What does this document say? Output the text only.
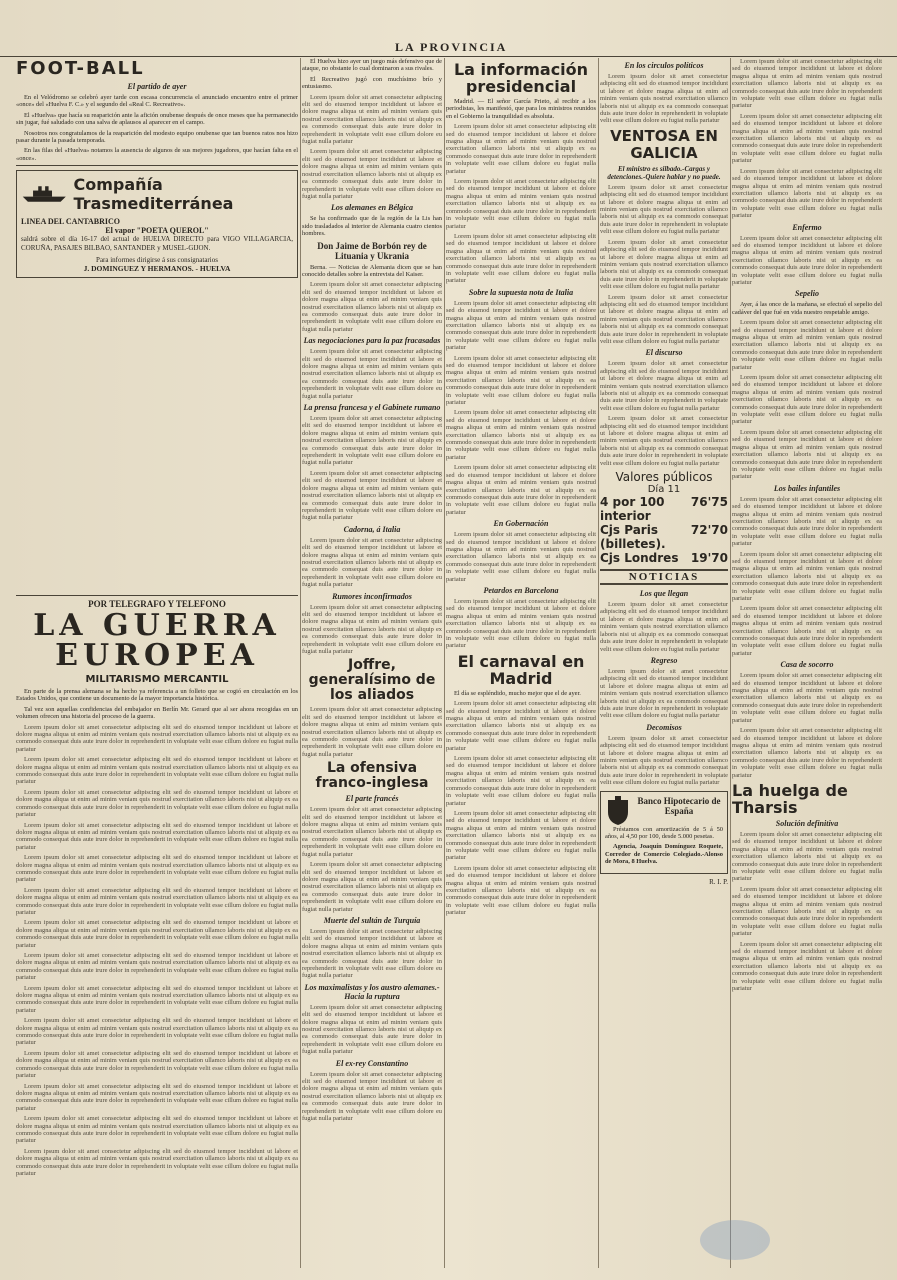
LA PROVINCIA
FOOT-BALL
El partido de ayer

En el Velódromo se celebró ayer tarde con escasa concurrencia el anunciado encuentro entre el primer «once» del «Huelva F. C.» y el segundo del «Real C. Recreativo».

El «Huelva» que hacía su reaparición ante la afición onubense después de once meses que ha permanecido sin jugar, fué saludado con una salva de aplausos al aparecer en el campo.

Nosotros nos congratulamos de la reaparición del modesto equipo onubense que tan buenos ratos nos hizo pasar durante la pasada temporada.

En las filas del «Huelva» notamos la ausencia de algunos de sus mejores jugadores, que hacían falta en el «once».

Compañía Trasmediterránea
LINEA DEL CANTABRICO
El vapor "POETA QUEROL"

saldrá sobre el día 16-17 del actual de HUELVA DIRECTO para VIGO VILLAGARCIA, CORUÑA, PASAJES BILBAO, SANTANDER y MUSEL-GIJON.

Para informes dirigirse á sus consignatarios
J. DOMINGUEZ Y HERMANOS. - HUELVA
POR TELEGRAFO Y TELEFONO
LA GUERRA
EUROPEA
MILITARISMO MERCANTIL

En parte de la prensa alemana se ha hecho ya referencia a un folleto que se cogió en circulación en los Estados Unidos, que contiene un documento de la mayor importancia histórica.

Tal vez son aquellas confidencias del embajador en Berlín Mr. Gerard que al ser ahora recogidas en un volumen ofrecen una historia del proceso de la guerra.

Lorem ipsum dolor sit amet consectetur adipiscing elit sed do eiusmod tempor incididunt ut labore et dolore magna aliqua ut enim ad minim veniam quis nostrud exercitation ullamco laboris nisi ut aliquip ex ea commodo consequat duis aute irure dolor in reprehenderit in voluptate velit esse cillum dolore eu fugiat nulla pariatur

Lorem ipsum dolor sit amet consectetur adipiscing elit sed do eiusmod tempor incididunt ut labore et dolore magna aliqua ut enim ad minim veniam quis nostrud exercitation ullamco laboris nisi ut aliquip ex ea commodo consequat duis aute irure dolor in reprehenderit in voluptate velit esse cillum dolore eu fugiat nulla pariatur

Lorem ipsum dolor sit amet consectetur adipiscing elit sed do eiusmod tempor incididunt ut labore et dolore magna aliqua ut enim ad minim veniam quis nostrud exercitation ullamco laboris nisi ut aliquip ex ea commodo consequat duis aute irure dolor in reprehenderit in voluptate velit esse cillum dolore eu fugiat nulla pariatur

Lorem ipsum dolor sit amet consectetur adipiscing elit sed do eiusmod tempor incididunt ut labore et dolore magna aliqua ut enim ad minim veniam quis nostrud exercitation ullamco laboris nisi ut aliquip ex ea commodo consequat duis aute irure dolor in reprehenderit in voluptate velit esse cillum dolore eu fugiat nulla pariatur

Lorem ipsum dolor sit amet consectetur adipiscing elit sed do eiusmod tempor incididunt ut labore et dolore magna aliqua ut enim ad minim veniam quis nostrud exercitation ullamco laboris nisi ut aliquip ex ea commodo consequat duis aute irure dolor in reprehenderit in voluptate velit esse cillum dolore eu fugiat nulla pariatur

Lorem ipsum dolor sit amet consectetur adipiscing elit sed do eiusmod tempor incididunt ut labore et dolore magna aliqua ut enim ad minim veniam quis nostrud exercitation ullamco laboris nisi ut aliquip ex ea commodo consequat duis aute irure dolor in reprehenderit in voluptate velit esse cillum dolore eu fugiat nulla pariatur

Lorem ipsum dolor sit amet consectetur adipiscing elit sed do eiusmod tempor incididunt ut labore et dolore magna aliqua ut enim ad minim veniam quis nostrud exercitation ullamco laboris nisi ut aliquip ex ea commodo consequat duis aute irure dolor in reprehenderit in voluptate velit esse cillum dolore eu fugiat nulla pariatur

Lorem ipsum dolor sit amet consectetur adipiscing elit sed do eiusmod tempor incididunt ut labore et dolore magna aliqua ut enim ad minim veniam quis nostrud exercitation ullamco laboris nisi ut aliquip ex ea commodo consequat duis aute irure dolor in reprehenderit in voluptate velit esse cillum dolore eu fugiat nulla pariatur

Lorem ipsum dolor sit amet consectetur adipiscing elit sed do eiusmod tempor incididunt ut labore et dolore magna aliqua ut enim ad minim veniam quis nostrud exercitation ullamco laboris nisi ut aliquip ex ea commodo consequat duis aute irure dolor in reprehenderit in voluptate velit esse cillum dolore eu fugiat nulla pariatur

Lorem ipsum dolor sit amet consectetur adipiscing elit sed do eiusmod tempor incididunt ut labore et dolore magna aliqua ut enim ad minim veniam quis nostrud exercitation ullamco laboris nisi ut aliquip ex ea commodo consequat duis aute irure dolor in reprehenderit in voluptate velit esse cillum dolore eu fugiat nulla pariatur

Lorem ipsum dolor sit amet consectetur adipiscing elit sed do eiusmod tempor incididunt ut labore et dolore magna aliqua ut enim ad minim veniam quis nostrud exercitation ullamco laboris nisi ut aliquip ex ea commodo consequat duis aute irure dolor in reprehenderit in voluptate velit esse cillum dolore eu fugiat nulla pariatur

Lorem ipsum dolor sit amet consectetur adipiscing elit sed do eiusmod tempor incididunt ut labore et dolore magna aliqua ut enim ad minim veniam quis nostrud exercitation ullamco laboris nisi ut aliquip ex ea commodo consequat duis aute irure dolor in reprehenderit in voluptate velit esse cillum dolore eu fugiat nulla pariatur

Lorem ipsum dolor sit amet consectetur adipiscing elit sed do eiusmod tempor incididunt ut labore et dolore magna aliqua ut enim ad minim veniam quis nostrud exercitation ullamco laboris nisi ut aliquip ex ea commodo consequat duis aute irure dolor in reprehenderit in voluptate velit esse cillum dolore eu fugiat nulla pariatur

Lorem ipsum dolor sit amet consectetur adipiscing elit sed do eiusmod tempor incididunt ut labore et dolore magna aliqua ut enim ad minim veniam quis nostrud exercitation ullamco laboris nisi ut aliquip ex ea commodo consequat duis aute irure dolor in reprehenderit in voluptate velit esse cillum dolore eu fugiat nulla pariatur

El Huelva hizo ayer un juego más defensivo que de ataque, no obstante lo cual dominaron a sus rivales.

El Recreativo jugó con muchísimo brío y entusiasmo.

Lorem ipsum dolor sit amet consectetur adipiscing elit sed do eiusmod tempor incididunt ut labore et dolore magna aliqua ut enim ad minim veniam quis nostrud exercitation ullamco laboris nisi ut aliquip ex ea commodo consequat duis aute irure dolor in reprehenderit in voluptate velit esse cillum dolore eu fugiat nulla pariatur

Lorem ipsum dolor sit amet consectetur adipiscing elit sed do eiusmod tempor incididunt ut labore et dolore magna aliqua ut enim ad minim veniam quis nostrud exercitation ullamco laboris nisi ut aliquip ex ea commodo consequat duis aute irure dolor in reprehenderit in voluptate velit esse cillum dolore eu fugiat nulla pariatur

Los alemanes en Bélgica

Se ha confirmado que de la región de la Lis han sido trasladados al interior de Alemania cuatro cientos hombres.

Don Jaime de Borbón rey de Lituania y Ukrania

Berna. — Noticias de Alemania dicen que se han conocido detalles sobre la entrevista del Kaiser.

Lorem ipsum dolor sit amet consectetur adipiscing elit sed do eiusmod tempor incididunt ut labore et dolore magna aliqua ut enim ad minim veniam quis nostrud exercitation ullamco laboris nisi ut aliquip ex ea commodo consequat duis aute irure dolor in reprehenderit in voluptate velit esse cillum dolore eu fugiat nulla pariatur

Las negociaciones para la paz fracasadas

Lorem ipsum dolor sit amet consectetur adipiscing elit sed do eiusmod tempor incididunt ut labore et dolore magna aliqua ut enim ad minim veniam quis nostrud exercitation ullamco laboris nisi ut aliquip ex ea commodo consequat duis aute irure dolor in reprehenderit in voluptate velit esse cillum dolore eu fugiat nulla pariatur

La prensa francesa y el Gabinete rumano

Lorem ipsum dolor sit amet consectetur adipiscing elit sed do eiusmod tempor incididunt ut labore et dolore magna aliqua ut enim ad minim veniam quis nostrud exercitation ullamco laboris nisi ut aliquip ex ea commodo consequat duis aute irure dolor in reprehenderit in voluptate velit esse cillum dolore eu fugiat nulla pariatur

Lorem ipsum dolor sit amet consectetur adipiscing elit sed do eiusmod tempor incididunt ut labore et dolore magna aliqua ut enim ad minim veniam quis nostrud exercitation ullamco laboris nisi ut aliquip ex ea commodo consequat duis aute irure dolor in reprehenderit in voluptate velit esse cillum dolore eu fugiat nulla pariatur

Cadorna, á Italia

Lorem ipsum dolor sit amet consectetur adipiscing elit sed do eiusmod tempor incididunt ut labore et dolore magna aliqua ut enim ad minim veniam quis nostrud exercitation ullamco laboris nisi ut aliquip ex ea commodo consequat duis aute irure dolor in reprehenderit in voluptate velit esse cillum dolore eu fugiat nulla pariatur

Rumores inconfirmados

Lorem ipsum dolor sit amet consectetur adipiscing elit sed do eiusmod tempor incididunt ut labore et dolore magna aliqua ut enim ad minim veniam quis nostrud exercitation ullamco laboris nisi ut aliquip ex ea commodo consequat duis aute irure dolor in reprehenderit in voluptate velit esse cillum dolore eu fugiat nulla pariatur

Joffre, generalísimo de los aliados

Lorem ipsum dolor sit amet consectetur adipiscing elit sed do eiusmod tempor incididunt ut labore et dolore magna aliqua ut enim ad minim veniam quis nostrud exercitation ullamco laboris nisi ut aliquip ex ea commodo consequat duis aute irure dolor in reprehenderit in voluptate velit esse cillum dolore eu fugiat nulla pariatur

La ofensiva franco-inglesa
El parte francés

Lorem ipsum dolor sit amet consectetur adipiscing elit sed do eiusmod tempor incididunt ut labore et dolore magna aliqua ut enim ad minim veniam quis nostrud exercitation ullamco laboris nisi ut aliquip ex ea commodo consequat duis aute irure dolor in reprehenderit in voluptate velit esse cillum dolore eu fugiat nulla pariatur

Lorem ipsum dolor sit amet consectetur adipiscing elit sed do eiusmod tempor incididunt ut labore et dolore magna aliqua ut enim ad minim veniam quis nostrud exercitation ullamco laboris nisi ut aliquip ex ea commodo consequat duis aute irure dolor in reprehenderit in voluptate velit esse cillum dolore eu fugiat nulla pariatur

Muerte del sultán de Turquía

Lorem ipsum dolor sit amet consectetur adipiscing elit sed do eiusmod tempor incididunt ut labore et dolore magna aliqua ut enim ad minim veniam quis nostrud exercitation ullamco laboris nisi ut aliquip ex ea commodo consequat duis aute irure dolor in reprehenderit in voluptate velit esse cillum dolore eu fugiat nulla pariatur

Los maximalistas y los austro alemanes.-Hacia la ruptura

Lorem ipsum dolor sit amet consectetur adipiscing elit sed do eiusmod tempor incididunt ut labore et dolore magna aliqua ut enim ad minim veniam quis nostrud exercitation ullamco laboris nisi ut aliquip ex ea commodo consequat duis aute irure dolor in reprehenderit in voluptate velit esse cillum dolore eu fugiat nulla pariatur

El ex-rey Constantino

Lorem ipsum dolor sit amet consectetur adipiscing elit sed do eiusmod tempor incididunt ut labore et dolore magna aliqua ut enim ad minim veniam quis nostrud exercitation ullamco laboris nisi ut aliquip ex ea commodo consequat duis aute irure dolor in reprehenderit in voluptate velit esse cillum dolore eu fugiat nulla pariatur

La información presidencial

Madrid. — El señor García Prieto, al recibir a los periodistas, les manifestó, que para los ministros reunidos en el Gobierno la tranquilidad es absoluta.

Lorem ipsum dolor sit amet consectetur adipiscing elit sed do eiusmod tempor incididunt ut labore et dolore magna aliqua ut enim ad minim veniam quis nostrud exercitation ullamco laboris nisi ut aliquip ex ea commodo consequat duis aute irure dolor in reprehenderit in voluptate velit esse cillum dolore eu fugiat nulla pariatur

Lorem ipsum dolor sit amet consectetur adipiscing elit sed do eiusmod tempor incididunt ut labore et dolore magna aliqua ut enim ad minim veniam quis nostrud exercitation ullamco laboris nisi ut aliquip ex ea commodo consequat duis aute irure dolor in reprehenderit in voluptate velit esse cillum dolore eu fugiat nulla pariatur

Lorem ipsum dolor sit amet consectetur adipiscing elit sed do eiusmod tempor incididunt ut labore et dolore magna aliqua ut enim ad minim veniam quis nostrud exercitation ullamco laboris nisi ut aliquip ex ea commodo consequat duis aute irure dolor in reprehenderit in voluptate velit esse cillum dolore eu fugiat nulla pariatur

Sobre la supuesta nota de Italia

Lorem ipsum dolor sit amet consectetur adipiscing elit sed do eiusmod tempor incididunt ut labore et dolore magna aliqua ut enim ad minim veniam quis nostrud exercitation ullamco laboris nisi ut aliquip ex ea commodo consequat duis aute irure dolor in reprehenderit in voluptate velit esse cillum dolore eu fugiat nulla pariatur

Lorem ipsum dolor sit amet consectetur adipiscing elit sed do eiusmod tempor incididunt ut labore et dolore magna aliqua ut enim ad minim veniam quis nostrud exercitation ullamco laboris nisi ut aliquip ex ea commodo consequat duis aute irure dolor in reprehenderit in voluptate velit esse cillum dolore eu fugiat nulla pariatur

Lorem ipsum dolor sit amet consectetur adipiscing elit sed do eiusmod tempor incididunt ut labore et dolore magna aliqua ut enim ad minim veniam quis nostrud exercitation ullamco laboris nisi ut aliquip ex ea commodo consequat duis aute irure dolor in reprehenderit in voluptate velit esse cillum dolore eu fugiat nulla pariatur

Lorem ipsum dolor sit amet consectetur adipiscing elit sed do eiusmod tempor incididunt ut labore et dolore magna aliqua ut enim ad minim veniam quis nostrud exercitation ullamco laboris nisi ut aliquip ex ea commodo consequat duis aute irure dolor in reprehenderit in voluptate velit esse cillum dolore eu fugiat nulla pariatur

En Gobernación

Lorem ipsum dolor sit amet consectetur adipiscing elit sed do eiusmod tempor incididunt ut labore et dolore magna aliqua ut enim ad minim veniam quis nostrud exercitation ullamco laboris nisi ut aliquip ex ea commodo consequat duis aute irure dolor in reprehenderit in voluptate velit esse cillum dolore eu fugiat nulla pariatur

Petardos en Barcelona

Lorem ipsum dolor sit amet consectetur adipiscing elit sed do eiusmod tempor incididunt ut labore et dolore magna aliqua ut enim ad minim veniam quis nostrud exercitation ullamco laboris nisi ut aliquip ex ea commodo consequat duis aute irure dolor in reprehenderit in voluptate velit esse cillum dolore eu fugiat nulla pariatur

El carnaval en Madrid

El día se espléndido, mucho mejor que el de ayer.

Lorem ipsum dolor sit amet consectetur adipiscing elit sed do eiusmod tempor incididunt ut labore et dolore magna aliqua ut enim ad minim veniam quis nostrud exercitation ullamco laboris nisi ut aliquip ex ea commodo consequat duis aute irure dolor in reprehenderit in voluptate velit esse cillum dolore eu fugiat nulla pariatur

Lorem ipsum dolor sit amet consectetur adipiscing elit sed do eiusmod tempor incididunt ut labore et dolore magna aliqua ut enim ad minim veniam quis nostrud exercitation ullamco laboris nisi ut aliquip ex ea commodo consequat duis aute irure dolor in reprehenderit in voluptate velit esse cillum dolore eu fugiat nulla pariatur

Lorem ipsum dolor sit amet consectetur adipiscing elit sed do eiusmod tempor incididunt ut labore et dolore magna aliqua ut enim ad minim veniam quis nostrud exercitation ullamco laboris nisi ut aliquip ex ea commodo consequat duis aute irure dolor in reprehenderit in voluptate velit esse cillum dolore eu fugiat nulla pariatur

Lorem ipsum dolor sit amet consectetur adipiscing elit sed do eiusmod tempor incididunt ut labore et dolore magna aliqua ut enim ad minim veniam quis nostrud exercitation ullamco laboris nisi ut aliquip ex ea commodo consequat duis aute irure dolor in reprehenderit in voluptate velit esse cillum dolore eu fugiat nulla pariatur

En los circulos políticos

Lorem ipsum dolor sit amet consectetur adipiscing elit sed do eiusmod tempor incididunt ut labore et dolore magna aliqua ut enim ad minim veniam quis nostrud exercitation ullamco laboris nisi ut aliquip ex ea commodo consequat duis aute irure dolor in reprehenderit in voluptate velit esse cillum dolore eu fugiat nulla pariatur

VENTOSA EN GALICIA
El ministro es silbado.-Cargas y detenciones.-Quiere hablar y no puede.

Lorem ipsum dolor sit amet consectetur adipiscing elit sed do eiusmod tempor incididunt ut labore et dolore magna aliqua ut enim ad minim veniam quis nostrud exercitation ullamco laboris nisi ut aliquip ex ea commodo consequat duis aute irure dolor in reprehenderit in voluptate velit esse cillum dolore eu fugiat nulla pariatur

Lorem ipsum dolor sit amet consectetur adipiscing elit sed do eiusmod tempor incididunt ut labore et dolore magna aliqua ut enim ad minim veniam quis nostrud exercitation ullamco laboris nisi ut aliquip ex ea commodo consequat duis aute irure dolor in reprehenderit in voluptate velit esse cillum dolore eu fugiat nulla pariatur

Lorem ipsum dolor sit amet consectetur adipiscing elit sed do eiusmod tempor incididunt ut labore et dolore magna aliqua ut enim ad minim veniam quis nostrud exercitation ullamco laboris nisi ut aliquip ex ea commodo consequat duis aute irure dolor in reprehenderit in voluptate velit esse cillum dolore eu fugiat nulla pariatur

El discurso

Lorem ipsum dolor sit amet consectetur adipiscing elit sed do eiusmod tempor incididunt ut labore et dolore magna aliqua ut enim ad minim veniam quis nostrud exercitation ullamco laboris nisi ut aliquip ex ea commodo consequat duis aute irure dolor in reprehenderit in voluptate velit esse cillum dolore eu fugiat nulla pariatur

Lorem ipsum dolor sit amet consectetur adipiscing elit sed do eiusmod tempor incididunt ut labore et dolore magna aliqua ut enim ad minim veniam quis nostrud exercitation ullamco laboris nisi ut aliquip ex ea commodo consequat duis aute irure dolor in reprehenderit in voluptate velit esse cillum dolore eu fugiat nulla pariatur

Valores públicos
Día 11
4 por 100 interior
76'75
Cjs Paris (billetes).
72'70
Cjs Londres 19'70
NOTICIAS
Los que llegan

Lorem ipsum dolor sit amet consectetur adipiscing elit sed do eiusmod tempor incididunt ut labore et dolore magna aliqua ut enim ad minim veniam quis nostrud exercitation ullamco laboris nisi ut aliquip ex ea commodo consequat duis aute irure dolor in reprehenderit in voluptate velit esse cillum dolore eu fugiat nulla pariatur

Regreso

Lorem ipsum dolor sit amet consectetur adipiscing elit sed do eiusmod tempor incididunt ut labore et dolore magna aliqua ut enim ad minim veniam quis nostrud exercitation ullamco laboris nisi ut aliquip ex ea commodo consequat duis aute irure dolor in reprehenderit in voluptate velit esse cillum dolore eu fugiat nulla pariatur

Decomisos

Lorem ipsum dolor sit amet consectetur adipiscing elit sed do eiusmod tempor incididunt ut labore et dolore magna aliqua ut enim ad minim veniam quis nostrud exercitation ullamco laboris nisi ut aliquip ex ea commodo consequat duis aute irure dolor in reprehenderit in voluptate velit esse cillum dolore eu fugiat nulla pariatur

Banco Hipotecario de España

Préstamos con amortización de 5 á 50 años, al 4,50 por 100, desde 5.000 pesetas.

Agencia, Joaquín Domínguez Roquete, Corredor de Comercio Colegiado.-Alonso de Mora, 8 Huelva.

R. I. P.

Lorem ipsum dolor sit amet consectetur adipiscing elit sed do eiusmod tempor incididunt ut labore et dolore magna aliqua ut enim ad minim veniam quis nostrud exercitation ullamco laboris nisi ut aliquip ex ea commodo consequat duis aute irure dolor in reprehenderit in voluptate velit esse cillum dolore eu fugiat nulla pariatur

Lorem ipsum dolor sit amet consectetur adipiscing elit sed do eiusmod tempor incididunt ut labore et dolore magna aliqua ut enim ad minim veniam quis nostrud exercitation ullamco laboris nisi ut aliquip ex ea commodo consequat duis aute irure dolor in reprehenderit in voluptate velit esse cillum dolore eu fugiat nulla pariatur

Lorem ipsum dolor sit amet consectetur adipiscing elit sed do eiusmod tempor incididunt ut labore et dolore magna aliqua ut enim ad minim veniam quis nostrud exercitation ullamco laboris nisi ut aliquip ex ea commodo consequat duis aute irure dolor in reprehenderit in voluptate velit esse cillum dolore eu fugiat nulla pariatur

Enfermo

Lorem ipsum dolor sit amet consectetur adipiscing elit sed do eiusmod tempor incididunt ut labore et dolore magna aliqua ut enim ad minim veniam quis nostrud exercitation ullamco laboris nisi ut aliquip ex ea commodo consequat duis aute irure dolor in reprehenderit in voluptate velit esse cillum dolore eu fugiat nulla pariatur

Sepelio

Ayer, á las once de la mañana, se efectuó el sepelio del cadáver del que fué en vida nuestro respetable amigo.

Lorem ipsum dolor sit amet consectetur adipiscing elit sed do eiusmod tempor incididunt ut labore et dolore magna aliqua ut enim ad minim veniam quis nostrud exercitation ullamco laboris nisi ut aliquip ex ea commodo consequat duis aute irure dolor in reprehenderit in voluptate velit esse cillum dolore eu fugiat nulla pariatur

Lorem ipsum dolor sit amet consectetur adipiscing elit sed do eiusmod tempor incididunt ut labore et dolore magna aliqua ut enim ad minim veniam quis nostrud exercitation ullamco laboris nisi ut aliquip ex ea commodo consequat duis aute irure dolor in reprehenderit in voluptate velit esse cillum dolore eu fugiat nulla pariatur

Lorem ipsum dolor sit amet consectetur adipiscing elit sed do eiusmod tempor incididunt ut labore et dolore magna aliqua ut enim ad minim veniam quis nostrud exercitation ullamco laboris nisi ut aliquip ex ea commodo consequat duis aute irure dolor in reprehenderit in voluptate velit esse cillum dolore eu fugiat nulla pariatur

Los bailes infantiles

Lorem ipsum dolor sit amet consectetur adipiscing elit sed do eiusmod tempor incididunt ut labore et dolore magna aliqua ut enim ad minim veniam quis nostrud exercitation ullamco laboris nisi ut aliquip ex ea commodo consequat duis aute irure dolor in reprehenderit in voluptate velit esse cillum dolore eu fugiat nulla pariatur

Lorem ipsum dolor sit amet consectetur adipiscing elit sed do eiusmod tempor incididunt ut labore et dolore magna aliqua ut enim ad minim veniam quis nostrud exercitation ullamco laboris nisi ut aliquip ex ea commodo consequat duis aute irure dolor in reprehenderit in voluptate velit esse cillum dolore eu fugiat nulla pariatur

Lorem ipsum dolor sit amet consectetur adipiscing elit sed do eiusmod tempor incididunt ut labore et dolore magna aliqua ut enim ad minim veniam quis nostrud exercitation ullamco laboris nisi ut aliquip ex ea commodo consequat duis aute irure dolor in reprehenderit in voluptate velit esse cillum dolore eu fugiat nulla pariatur

Casa de socorro

Lorem ipsum dolor sit amet consectetur adipiscing elit sed do eiusmod tempor incididunt ut labore et dolore magna aliqua ut enim ad minim veniam quis nostrud exercitation ullamco laboris nisi ut aliquip ex ea commodo consequat duis aute irure dolor in reprehenderit in voluptate velit esse cillum dolore eu fugiat nulla pariatur

Lorem ipsum dolor sit amet consectetur adipiscing elit sed do eiusmod tempor incididunt ut labore et dolore magna aliqua ut enim ad minim veniam quis nostrud exercitation ullamco laboris nisi ut aliquip ex ea commodo consequat duis aute irure dolor in reprehenderit in voluptate velit esse cillum dolore eu fugiat nulla pariatur

La huelga de Tharsis
Solución definitiva

Lorem ipsum dolor sit amet consectetur adipiscing elit sed do eiusmod tempor incididunt ut labore et dolore magna aliqua ut enim ad minim veniam quis nostrud exercitation ullamco laboris nisi ut aliquip ex ea commodo consequat duis aute irure dolor in reprehenderit in voluptate velit esse cillum dolore eu fugiat nulla pariatur

Lorem ipsum dolor sit amet consectetur adipiscing elit sed do eiusmod tempor incididunt ut labore et dolore magna aliqua ut enim ad minim veniam quis nostrud exercitation ullamco laboris nisi ut aliquip ex ea commodo consequat duis aute irure dolor in reprehenderit in voluptate velit esse cillum dolore eu fugiat nulla pariatur

Lorem ipsum dolor sit amet consectetur adipiscing elit sed do eiusmod tempor incididunt ut labore et dolore magna aliqua ut enim ad minim veniam quis nostrud exercitation ullamco laboris nisi ut aliquip ex ea commodo consequat duis aute irure dolor in reprehenderit in voluptate velit esse cillum dolore eu fugiat nulla pariatur
